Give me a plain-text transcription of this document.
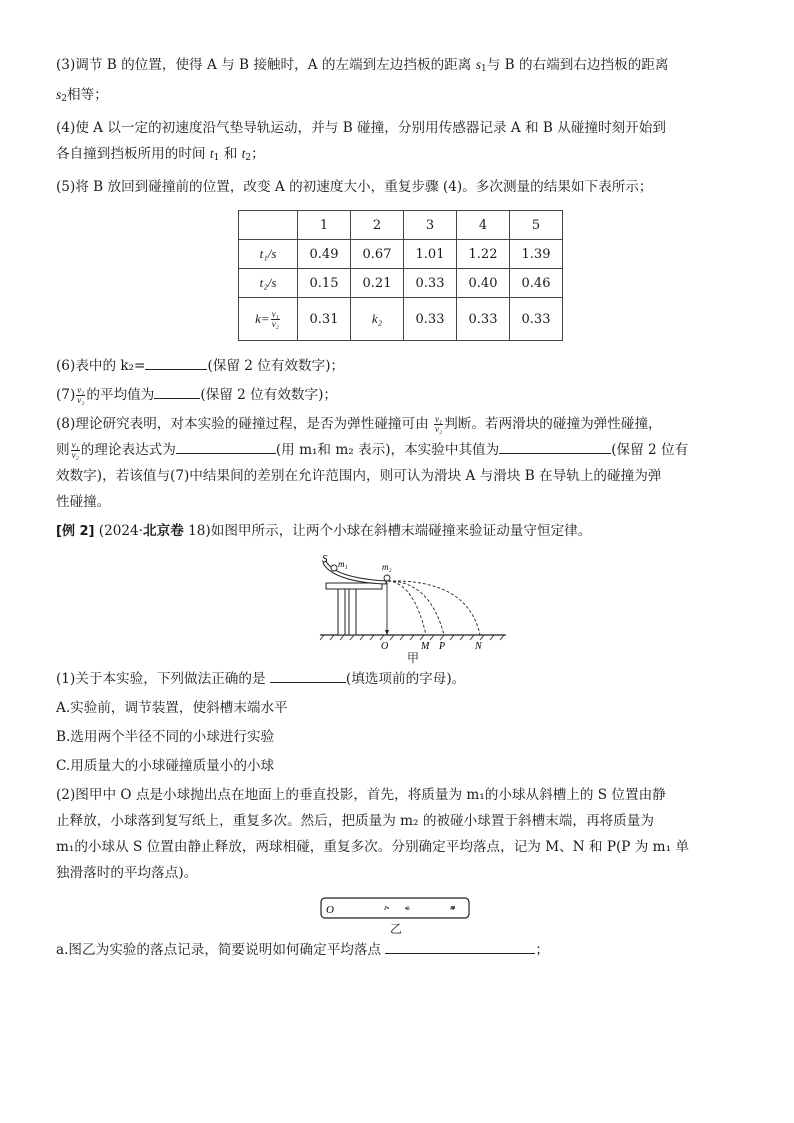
(3)调节 B 的位置，使得 A 与 B 接触时，A 的左端到左边挡板的距离 $s_1$与 B 的右端到右边挡板的距离
$s_2$相等；

(4)使 A 以一定的初速度沿气垫导轨运动，并与 B 碰撞，分别用传感器记录 A 和 B 从碰撞时刻开始到
各自撞到挡板所用的时间 $t_1$ 和 $t_2$；

(5)将 B 放回到碰撞前的位置，改变 A 的初速度大小，重复步骤 (4)。多次测量的结果如下表所示；

	1	2	3	4	5
t₁/s	0.49	0.67	1.01	1.22	1.39
t₂/s	0.15	0.21	0.33	0.40	0.46
$k= \frac{\text{v₁}}{\text{v₂}}$	0.31	k₂	0.33	0.33	0.33

(6)表中的 k₂=	(保留 2 位有效数字)；

$(7) \frac{\text{v₁}}{\text{v₂}}$ 的平均值为	(保留 2 位有效数字)；

(8)理论研究表明，对本实验的碰撞过程，是否为弹性碰撞可由 $\frac{\text{v₁}}{\text{v₂}}$ 判断。若两滑块的碰撞为弹性碰撞，
则 $\frac{\text{v₁}}{\text{v₂}}$ 的理论表达式为	(用 m₁和 m₂ 表示)，本实验中其值为	(保留 2 位有
效数字)，若该值与(7)中结果间的差别在允许范围内，则可认为滑块 A 与滑块 B 在导轨上的碰撞为弹
性碰撞。

[例 2] (2024·北京卷 18)如图甲所示，让两个小球在斜槽末端碰撞来验证动量守恒定律。

S m₁	m₂
O	M P	N
甲

(1)关于本实验，下列做法正确的是	(填选项前的字母)。

A.实验前，调节装置，使斜槽末端水平

B.选用两个半径不同的小球进行实验

C.用质量大的小球碰撞质量小的小球

(2)图甲中 O 点是小球抛出点在地面上的垂直投影，首先，将质量为 m₁的小球从斜槽上的 S 位置由静
止释放，小球落到复写纸上，重复多次。然后，把质量为 m₂ 的被碰小球置于斜槽末端，再将质量为
m₁的小球从 S 位置由静止释放，两球相碰，重复多次。分别确定平均落点，记为 M、N 和 P(P 为 m₁ 单
独滑落时的平均落点)。

O
乙

a.图乙为实验的落点记录，简要说明如何确定平均落点	；
